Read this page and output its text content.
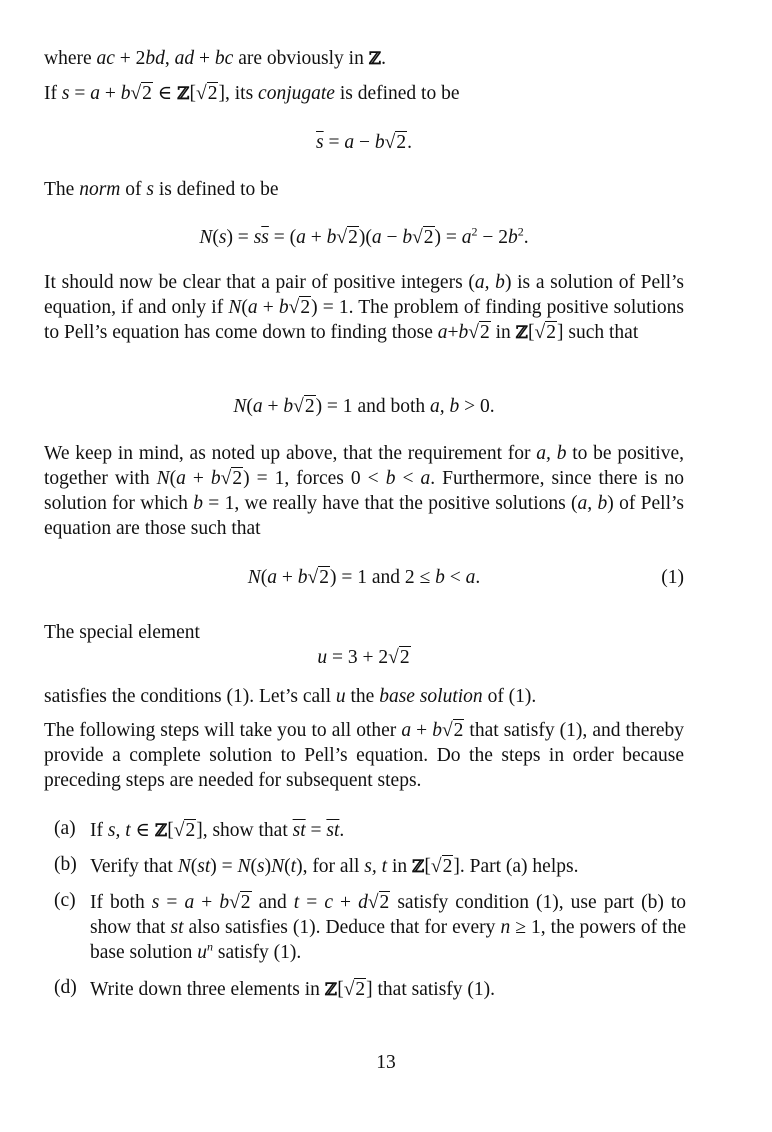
where ac + 2bd, ad + bc are obviously in ℤ.
If s = a + b√2 ∈ ℤ[√2], its conjugate is defined to be
$\overline{s} = a - b√2$.
The norm of s is defined to be
$N(s) = s\overline{s} = (a + b√2)(a - b√2) = a^2 - 2b^2$.

It should now be clear that a pair of positive integers (a, b) is a solution of Pell’s equation, if and only if N(a + b√2) = 1. The problem of finding positive solutions to Pell’s equation has come down to finding those a+b√2 in ℤ[√2] such that

N(a + b√2) = 1 and both a, b > 0.

We keep in mind, as noted up above, that the requirement for a, b to be positive, together with N(a + b√2) = 1, forces 0 < b < a. Furthermore, since there is no solution for which b = 1, we really have that the positive solutions (a, b) of Pell’s equation are those such that

N(a + b√2) = 1 and 2 ≤ b < a.	(1)
The special element
u = 3 + 2√2
satisfies the conditions (1). Let’s call u the base solution of (1).

The following steps will take you to all other a + b√2 that satisfy (1), and thereby provide a complete solution to Pell’s equation. Do the steps in order because preceding steps are needed for subsequent steps.

(a) If s, t ∈ ℤ[√2], show that $\overline{st} = \overline{s}\overline{t}$.
(b) Verify that N(st) = N(s)N(t), for all s, t in ℤ[√2]. Part (a) helps.
(c) If both s = a + b√2 and t = c + d√2 satisfy condition (1), use part (b) to show that st also satisfies (1). Deduce that for every n ≥ 1, the powers of the base solution $u^n$ satisfy (1).
(d) Write down three elements in ℤ[√2] that satisfy (1).
13
